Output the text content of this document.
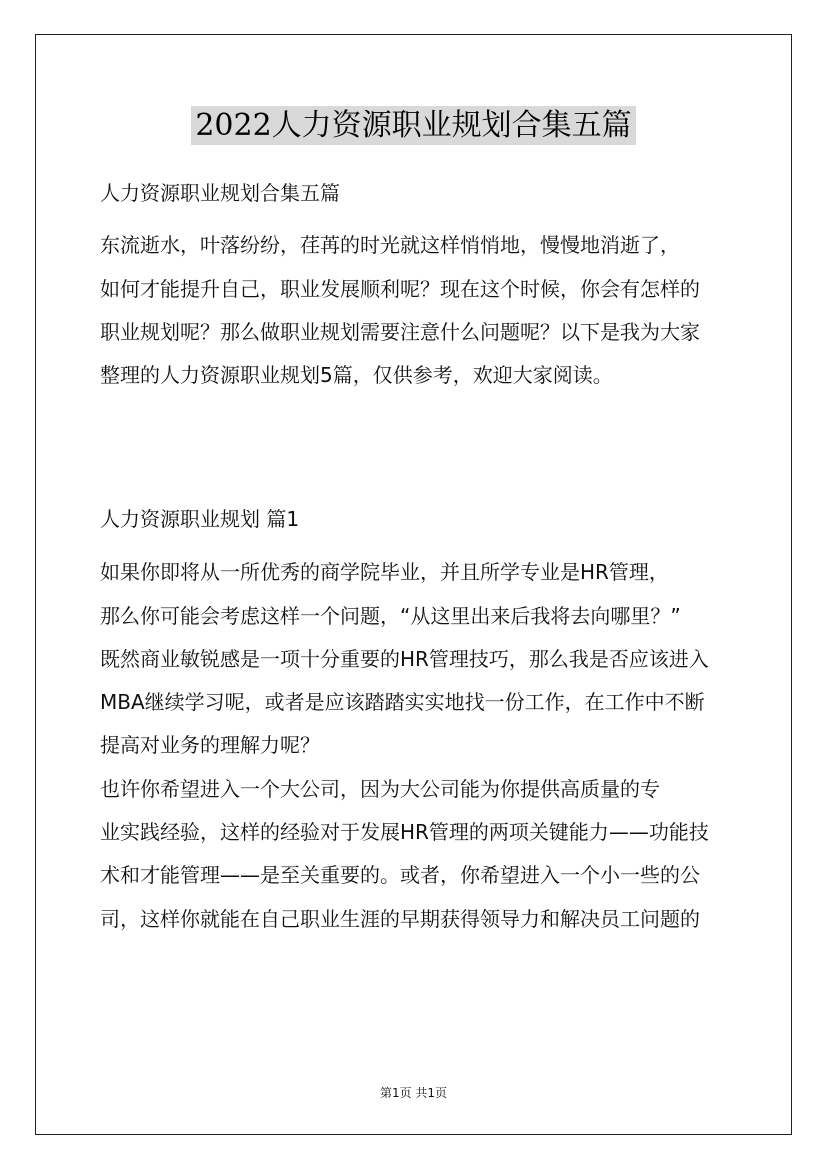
2022人力资源职业规划合集五篇
人力资源职业规划合集五篇
东流逝水，叶落纷纷，荏苒的时光就这样悄悄地，慢慢地消逝了，
如何才能提升自己，职业发展顺利呢？现在这个时候，你会有怎样的
职业规划呢？那么做职业规划需要注意什么问题呢？以下是我为大家
整理的人力资源职业规划5篇，仅供参考，欢迎大家阅读。
人力资源职业规划 篇1
如果你即将从一所优秀的商学院毕业，并且所学专业是HR管理，
那么你可能会考虑这样一个问题，“从这里出来后我将去向哪里？”
既然商业敏锐感是一项十分重要的HR管理技巧，那么我是否应该进入
MBA继续学习呢，或者是应该踏踏实实地找一份工作，在工作中不断
提高对业务的理解力呢？
也许你希望进入一个大公司，因为大公司能为你提供高质量的专
业实践经验，这样的经验对于发展HR管理的两项关键能力——功能技
术和才能管理——是至关重要的。或者，你希望进入一个小一些的公
司，这样你就能在自己职业生涯的早期获得领导力和解决员工问题的
第1页 共1页
